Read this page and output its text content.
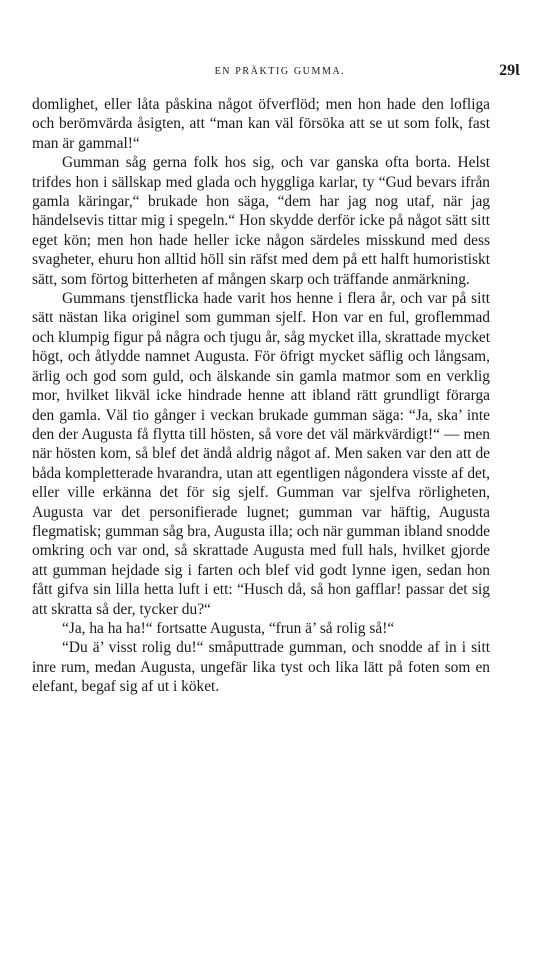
EN PRÄKTIG GUMMA.	29Ɩ

domlighet, eller låta påskina något öfverflöd; men hon hade den lofliga och berömvärda åsigten, att “man kan väl försöka att se ut som folk, fast man är gammal!“

Gumman såg gerna folk hos sig, och var ganska ofta borta. Helst trifdes hon i sällskap med glada och hyggliga karlar, ty “Gud bevars ifrån gamla käringar,“ brukade hon säga, “dem har jag nog utaf, när jag händelsevis tittar mig i spegeln.“ Hon skydde derför icke på något sätt sitt eget kön; men hon hade heller icke någon särdeles misskund med dess svagheter, ehuru hon alltid höll sin räfst med dem på ett halft humoristiskt sätt, som förtog bitterheten af mången skarp och träffande anmärkning.

Gummans tjenstflicka hade varit hos henne i flera år, och var på sitt sätt nästan lika originel som gumman sjelf. Hon var en ful, groflemmad och klumpig figur på några och tjugu år, såg mycket illa, skrattade mycket högt, och åtlydde namnet Augusta. För öfrigt mycket säflig och långsam, ärlig och god som guld, och älskande sin gamla matmor som en verklig mor, hvilket likväl icke hindrade henne att ibland rätt grundligt förarga den gamla. Väl tio gånger i veckan brukade gumman säga: “Ja, ska’ inte den der Augusta få flytta till hösten, så vore det väl märkvärdigt!“ — men när hösten kom, så blef det ändå aldrig något af. Men saken var den att de båda kompletterade hvarandra, utan att egentligen någondera visste af det, eller ville erkänna det för sig sjelf. Gumman var sjelfva rörligheten, Augusta var det personifierade lugnet; gumman var häftig, Augusta flegmatisk; gumman såg bra, Augusta illa; och när gumman ibland snodde omkring och var ond, så skrattade Augusta med full hals, hvilket gjorde att gumman hejdade sig i farten och blef vid godt lynne igen, sedan hon fått gifva sin lilla hetta luft i ett: “Husch då, så hon gafflar! passar det sig att skratta så der, tycker du?“

“Ja, ha ha ha!“ fortsatte Augusta, “frun ä’ så rolig så!“

“Du ä’ visst rolig du!“ småputtrade gumman, och snodde af in i sitt inre rum, medan Augusta, ungefär lika tyst och lika lätt på foten som en elefant, begaf sig af ut i köket.
